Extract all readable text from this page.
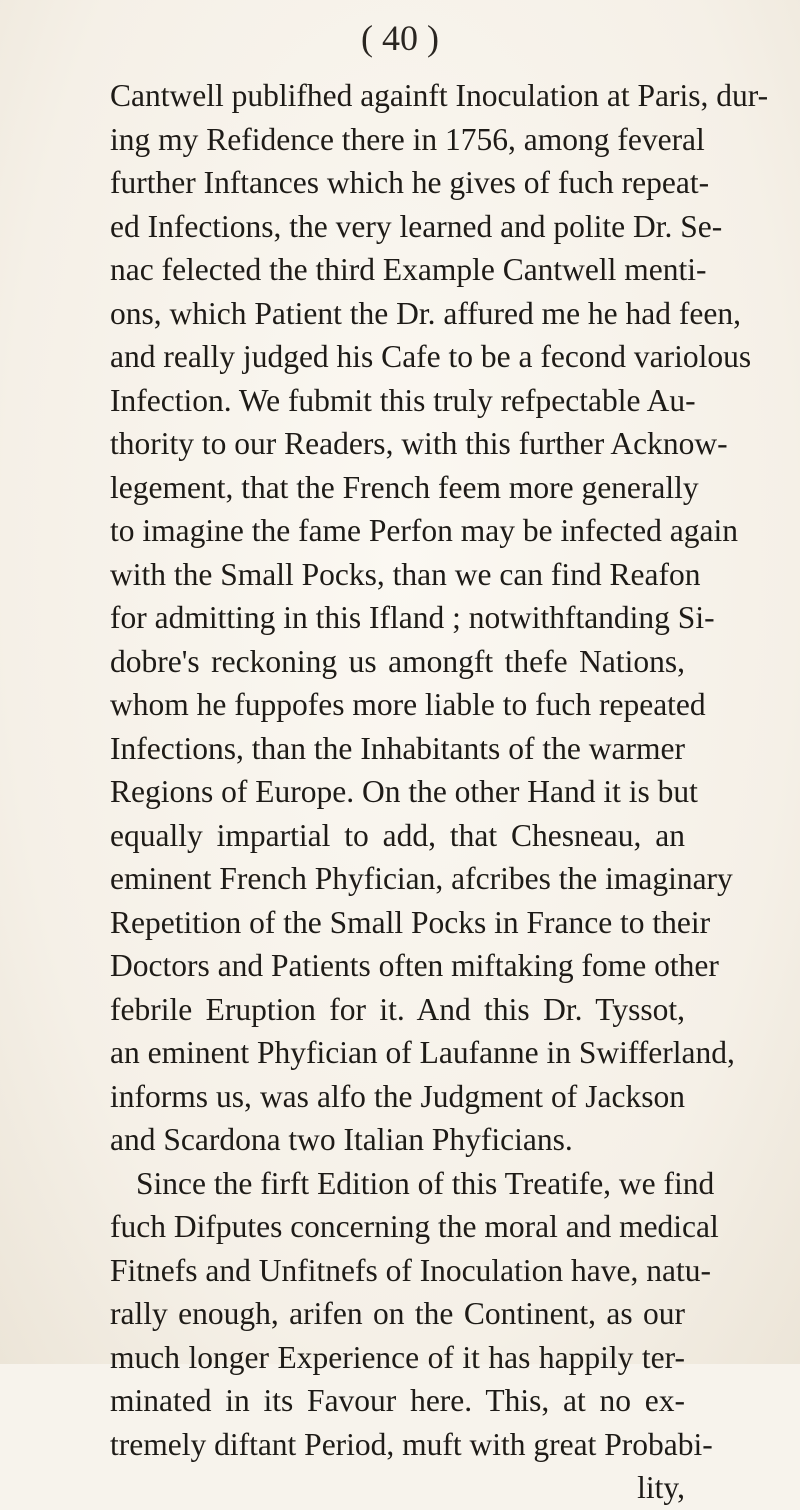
( 40 )
Cantwell publifhed againft Inoculation at Paris, dur-
ing my Refidence there in 1756, among feveral
further Inftances which he gives of fuch repeat-
ed Infections, the very learned and polite Dr. Se-
nac felected the third Example Cantwell menti-
ons, which Patient the Dr. affured me he had feen,
and really judged his Cafe to be a fecond variolous
Infection. We fubmit this truly refpectable Au-
thority to our Readers, with this further Acknow-
legement, that the French feem more generally
to imagine the fame Perfon may be infected again
with the Small Pocks, than we can find Reafon
for admitting in this Ifland ; notwithftanding Si-
dobre's reckoning us amongft thefe Nations,
whom he fuppofes more liable to fuch repeated
Infections, than the Inhabitants of the warmer
Regions of Europe. On the other Hand it is but
equally impartial to add, that Chesneau, an
eminent French Phyfician, afcribes the imaginary
Repetition of the Small Pocks in France to their
Doctors and Patients often miftaking fome other
febrile Eruption for it. And this Dr. Tyssot,
an eminent Phyfician of Laufanne in Swifferland,
informs us, was alfo the Judgment of Jackson
and Scardona two Italian Phyficians.
Since the firft Edition of this Treatife, we find
fuch Difputes concerning the moral and medical
Fitnefs and Unfitnefs of Inoculation have, natu-
rally enough, arifen on the Continent, as our
much longer Experience of it has happily ter-
minated in its Favour here. This, at no ex-
tremely diftant Period, muft with great Probabi-
lity,
